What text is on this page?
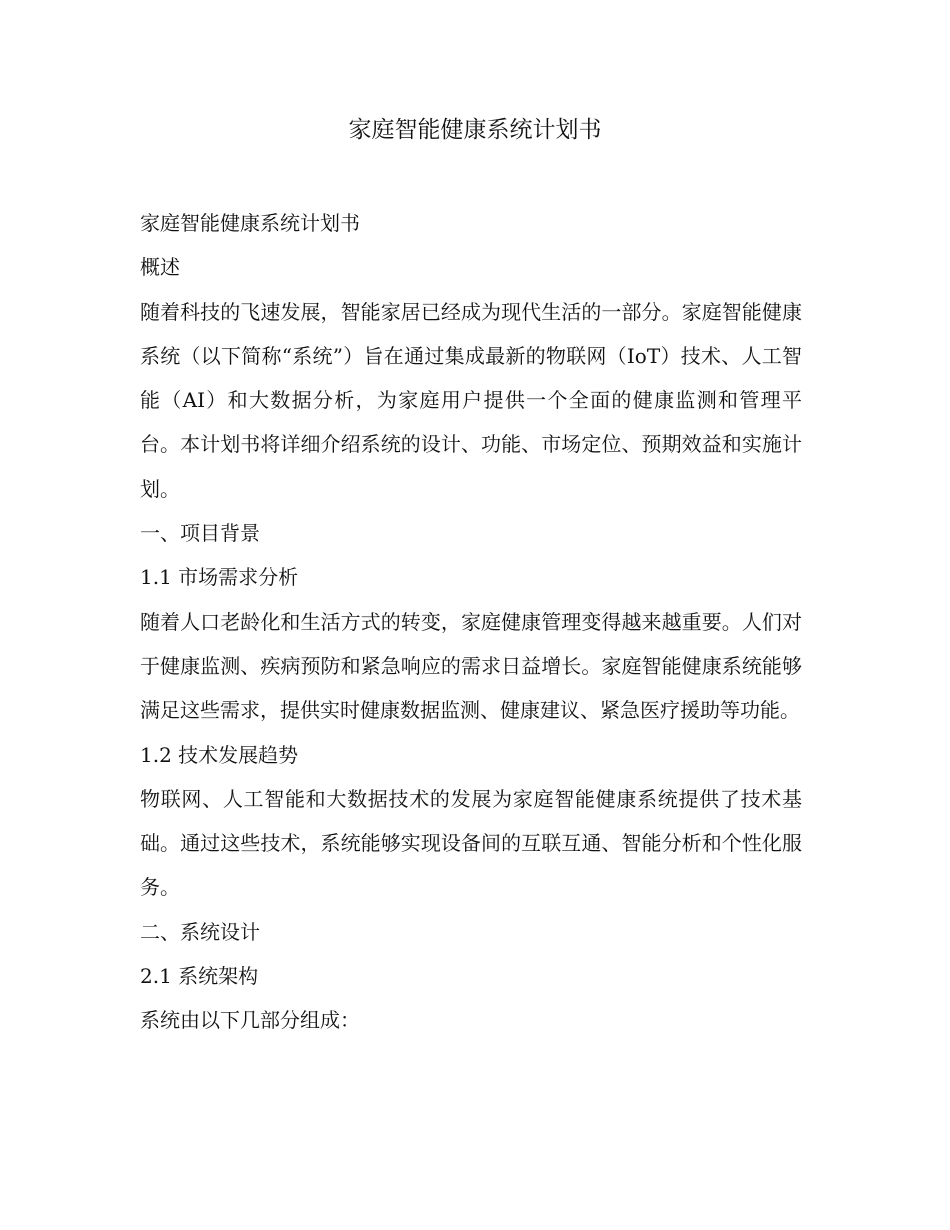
家庭智能健康系统计划书

家庭智能健康系统计划书

概述

随着科技的飞速发展，智能家居已经成为现代生活的一部分。家庭智能健康系统（以下简称“系统”）旨在通过集成最新的物联网（IoT）技术、人工智能（AI）和大数据分析，为家庭用户提供一个全面的健康监测和管理平台。本计划书将详细介绍系统的设计、功能、市场定位、预期效益和实施计划。

一、项目背景

1.1 市场需求分析

随着人口老龄化和生活方式的转变，家庭健康管理变得越来越重要。人们对于健康监测、疾病预防和紧急响应的需求日益增长。家庭智能健康系统能够满足这些需求，提供实时健康数据监测、健康建议、紧急医疗援助等功能。

1.2 技术发展趋势

物联网、人工智能和大数据技术的发展为家庭智能健康系统提供了技术基础。通过这些技术，系统能够实现设备间的互联互通、智能分析和个性化服务。

二、系统设计

2.1 系统架构

系统由以下几部分组成：
